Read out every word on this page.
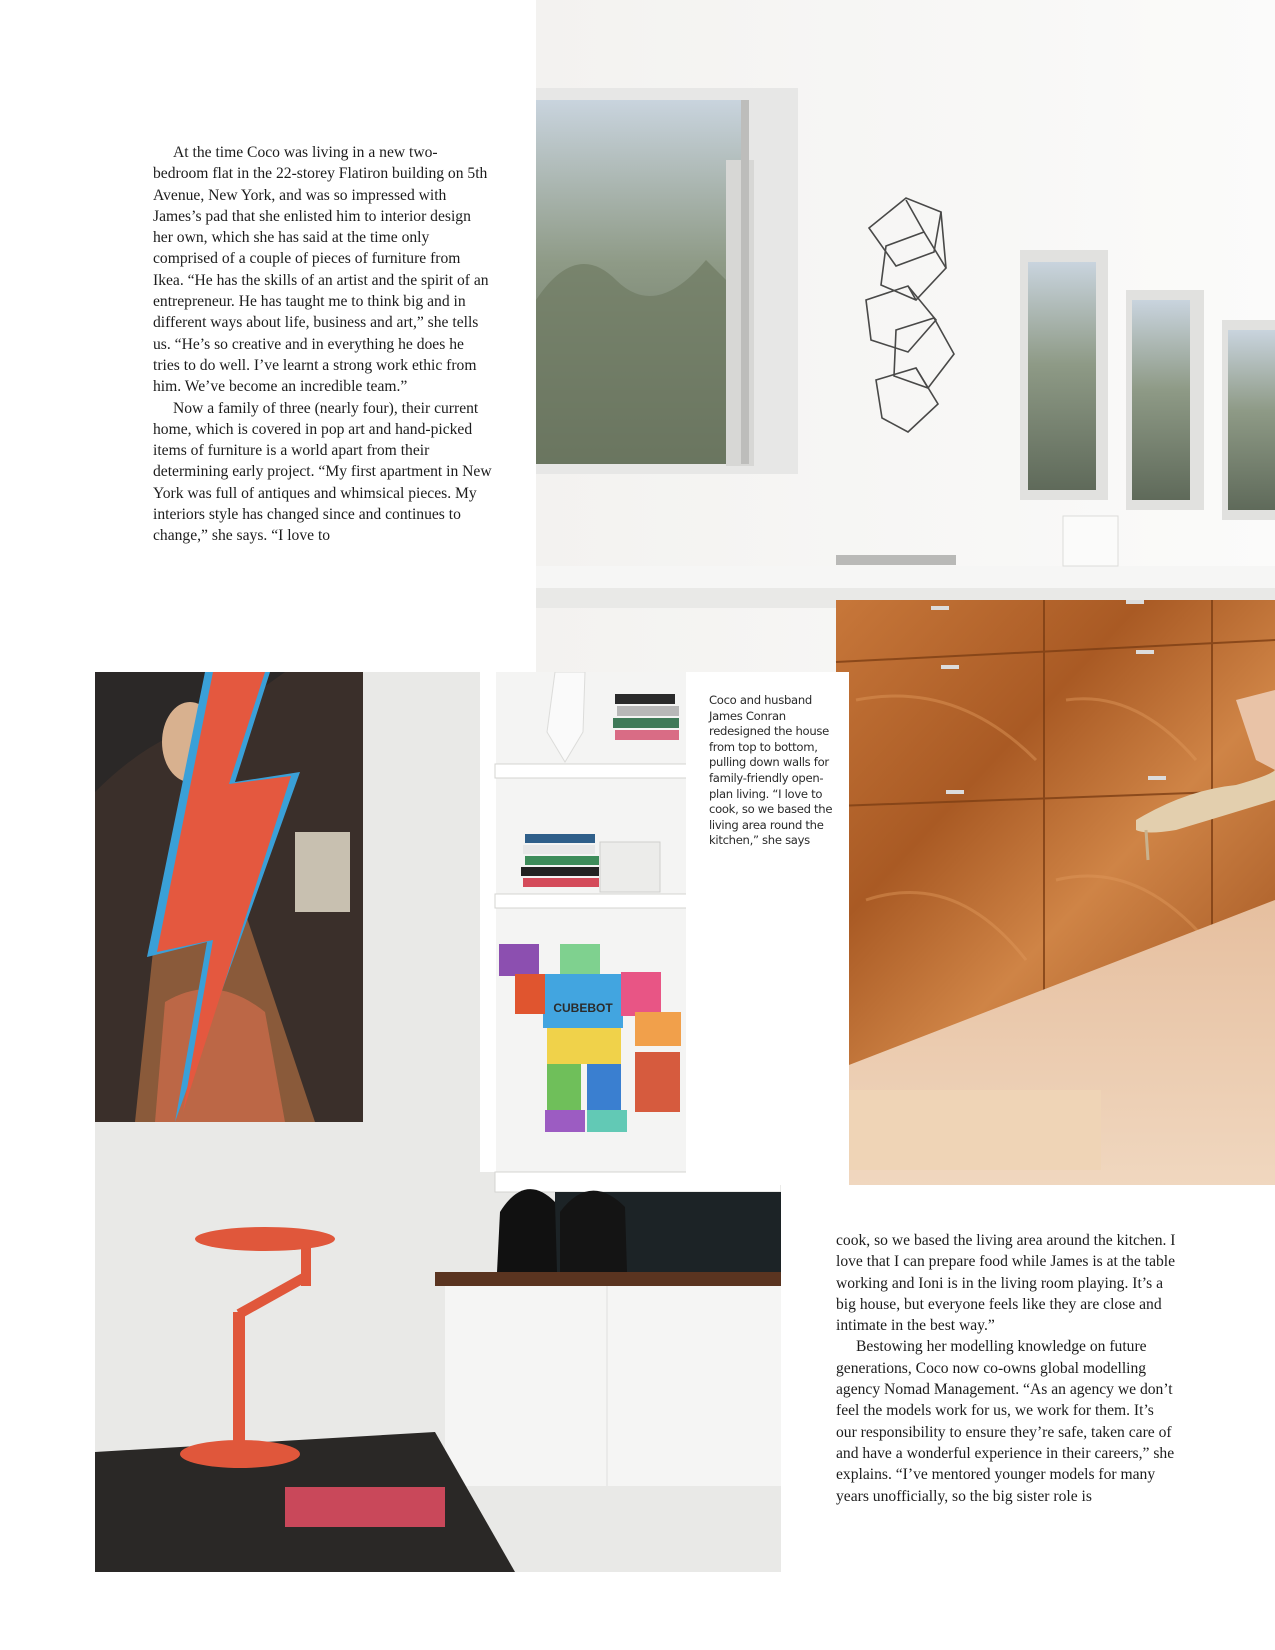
CUBEBOT
Coco and husband James Conran redesigned the house from top to bottom, pulling down walls for family-friendly open-plan living. “I love to cook, so we based the living area round the kitchen,” she says

At the time Coco was living in a new two-bedroom flat in the 22-storey Flatiron building on 5th Avenue, New York, and was so impressed with James’s pad that she enlisted him to interior design her own, which she has said at the time only comprised of a couple of pieces of furniture from Ikea. “He has the skills of an artist and the spirit of an entrepreneur. He has taught me to think big and in different ways about life, business and art,” she tells us. “He’s so creative and in everything he does he tries to do well. I’ve learnt a strong work ethic from him. We’ve become an incredible team.”

Now a family of three (nearly four), their current home, which is covered in pop art and hand-picked items of furniture is a world apart from their determining early project. “My first apartment in New York was full of antiques and whimsical pieces. My interiors style has changed since and continues to change,” she says. “I love to

cook, so we based the living area around the kitchen. I love that I can prepare food while James is at the table working and Ioni is in the living room playing. It’s a big house, but everyone feels like they are close and intimate in the best way.”

Bestowing her modelling knowledge on future generations, Coco now co-owns global modelling agency Nomad Management. “As an agency we don’t feel the models work for us, we work for them. It’s our responsibility to ensure they’re safe, taken care of and have a wonderful experience in their careers,” she explains. “I’ve mentored younger models for many years unofficially, so the big sister role is
